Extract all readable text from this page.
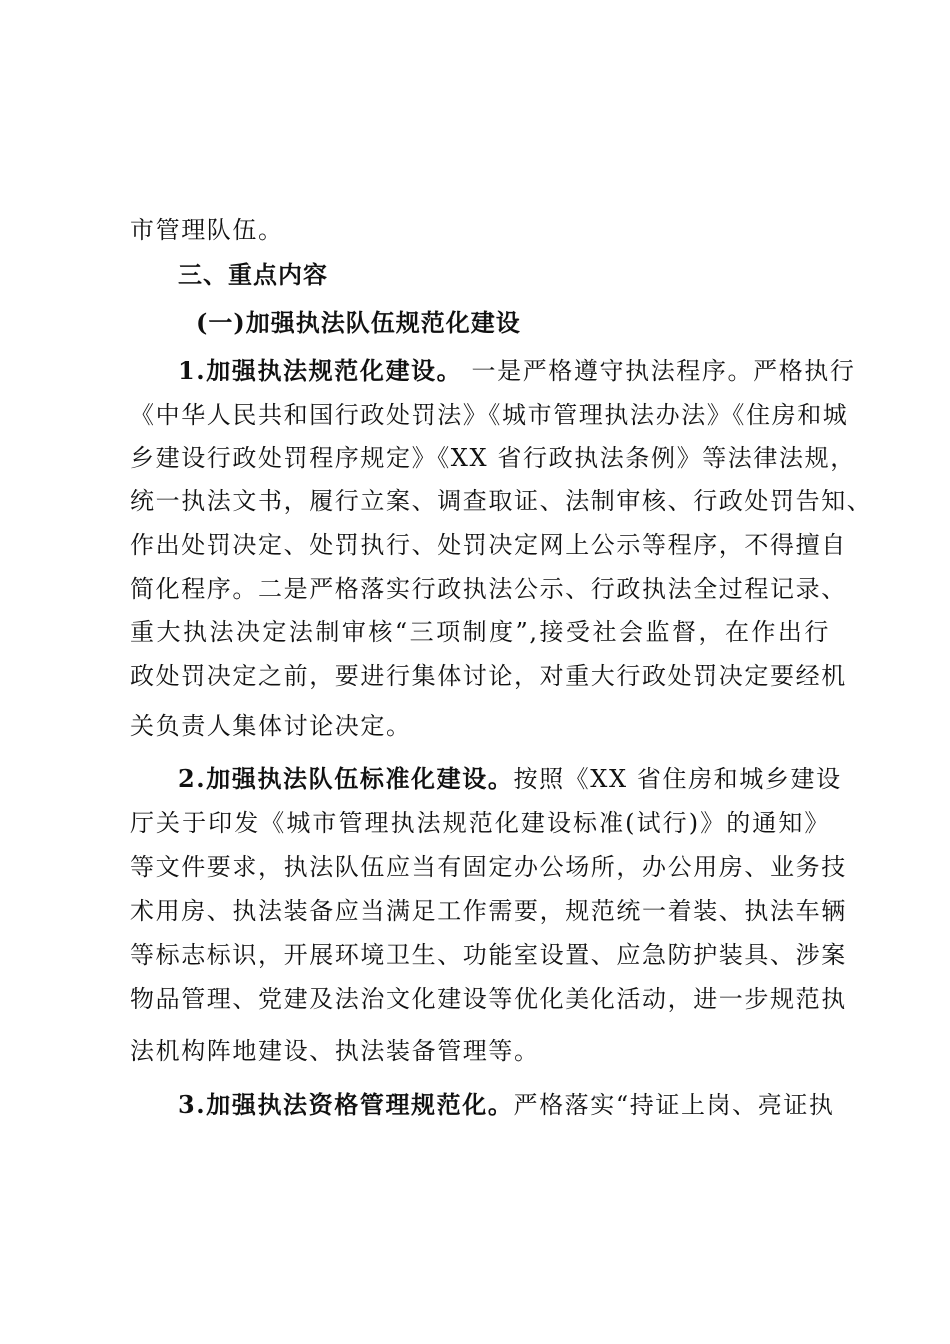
市管理队伍。
三、重点内容
(一)加强执法队伍规范化建设
1.加强执法规范化建设。 一是严格遵守执法程序。严格执行
《中华人民共和国行政处罚法》《城市管理执法办法》《住房和城
乡建设行政处罚程序规定》《XX 省行政执法条例》等法律法规，
统一执法文书，履行立案、调查取证、法制审核、行政处罚告知、
作出处罚决定、处罚执行、处罚决定网上公示等程序，不得擅自
简化程序。二是严格落实行政执法公示、行政执法全过程记录、
重大执法决定法制审核“三项制度”,接受社会监督，在作出行
政处罚决定之前，要进行集体讨论，对重大行政处罚决定要经机
关负责人集体讨论决定。
2.加强执法队伍标准化建设。按照《XX 省住房和城乡建设
厅关于印发《城市管理执法规范化建设标准(试行)》的通知》
等文件要求，执法队伍应当有固定办公场所，办公用房、业务技
术用房、执法装备应当满足工作需要，规范统一着装、执法车辆
等标志标识，开展环境卫生、功能室设置、应急防护装具、涉案
物品管理、党建及法治文化建设等优化美化活动，进一步规范执
法机构阵地建设、执法装备管理等。
3.加强执法资格管理规范化。严格落实“持证上岗、亮证执
